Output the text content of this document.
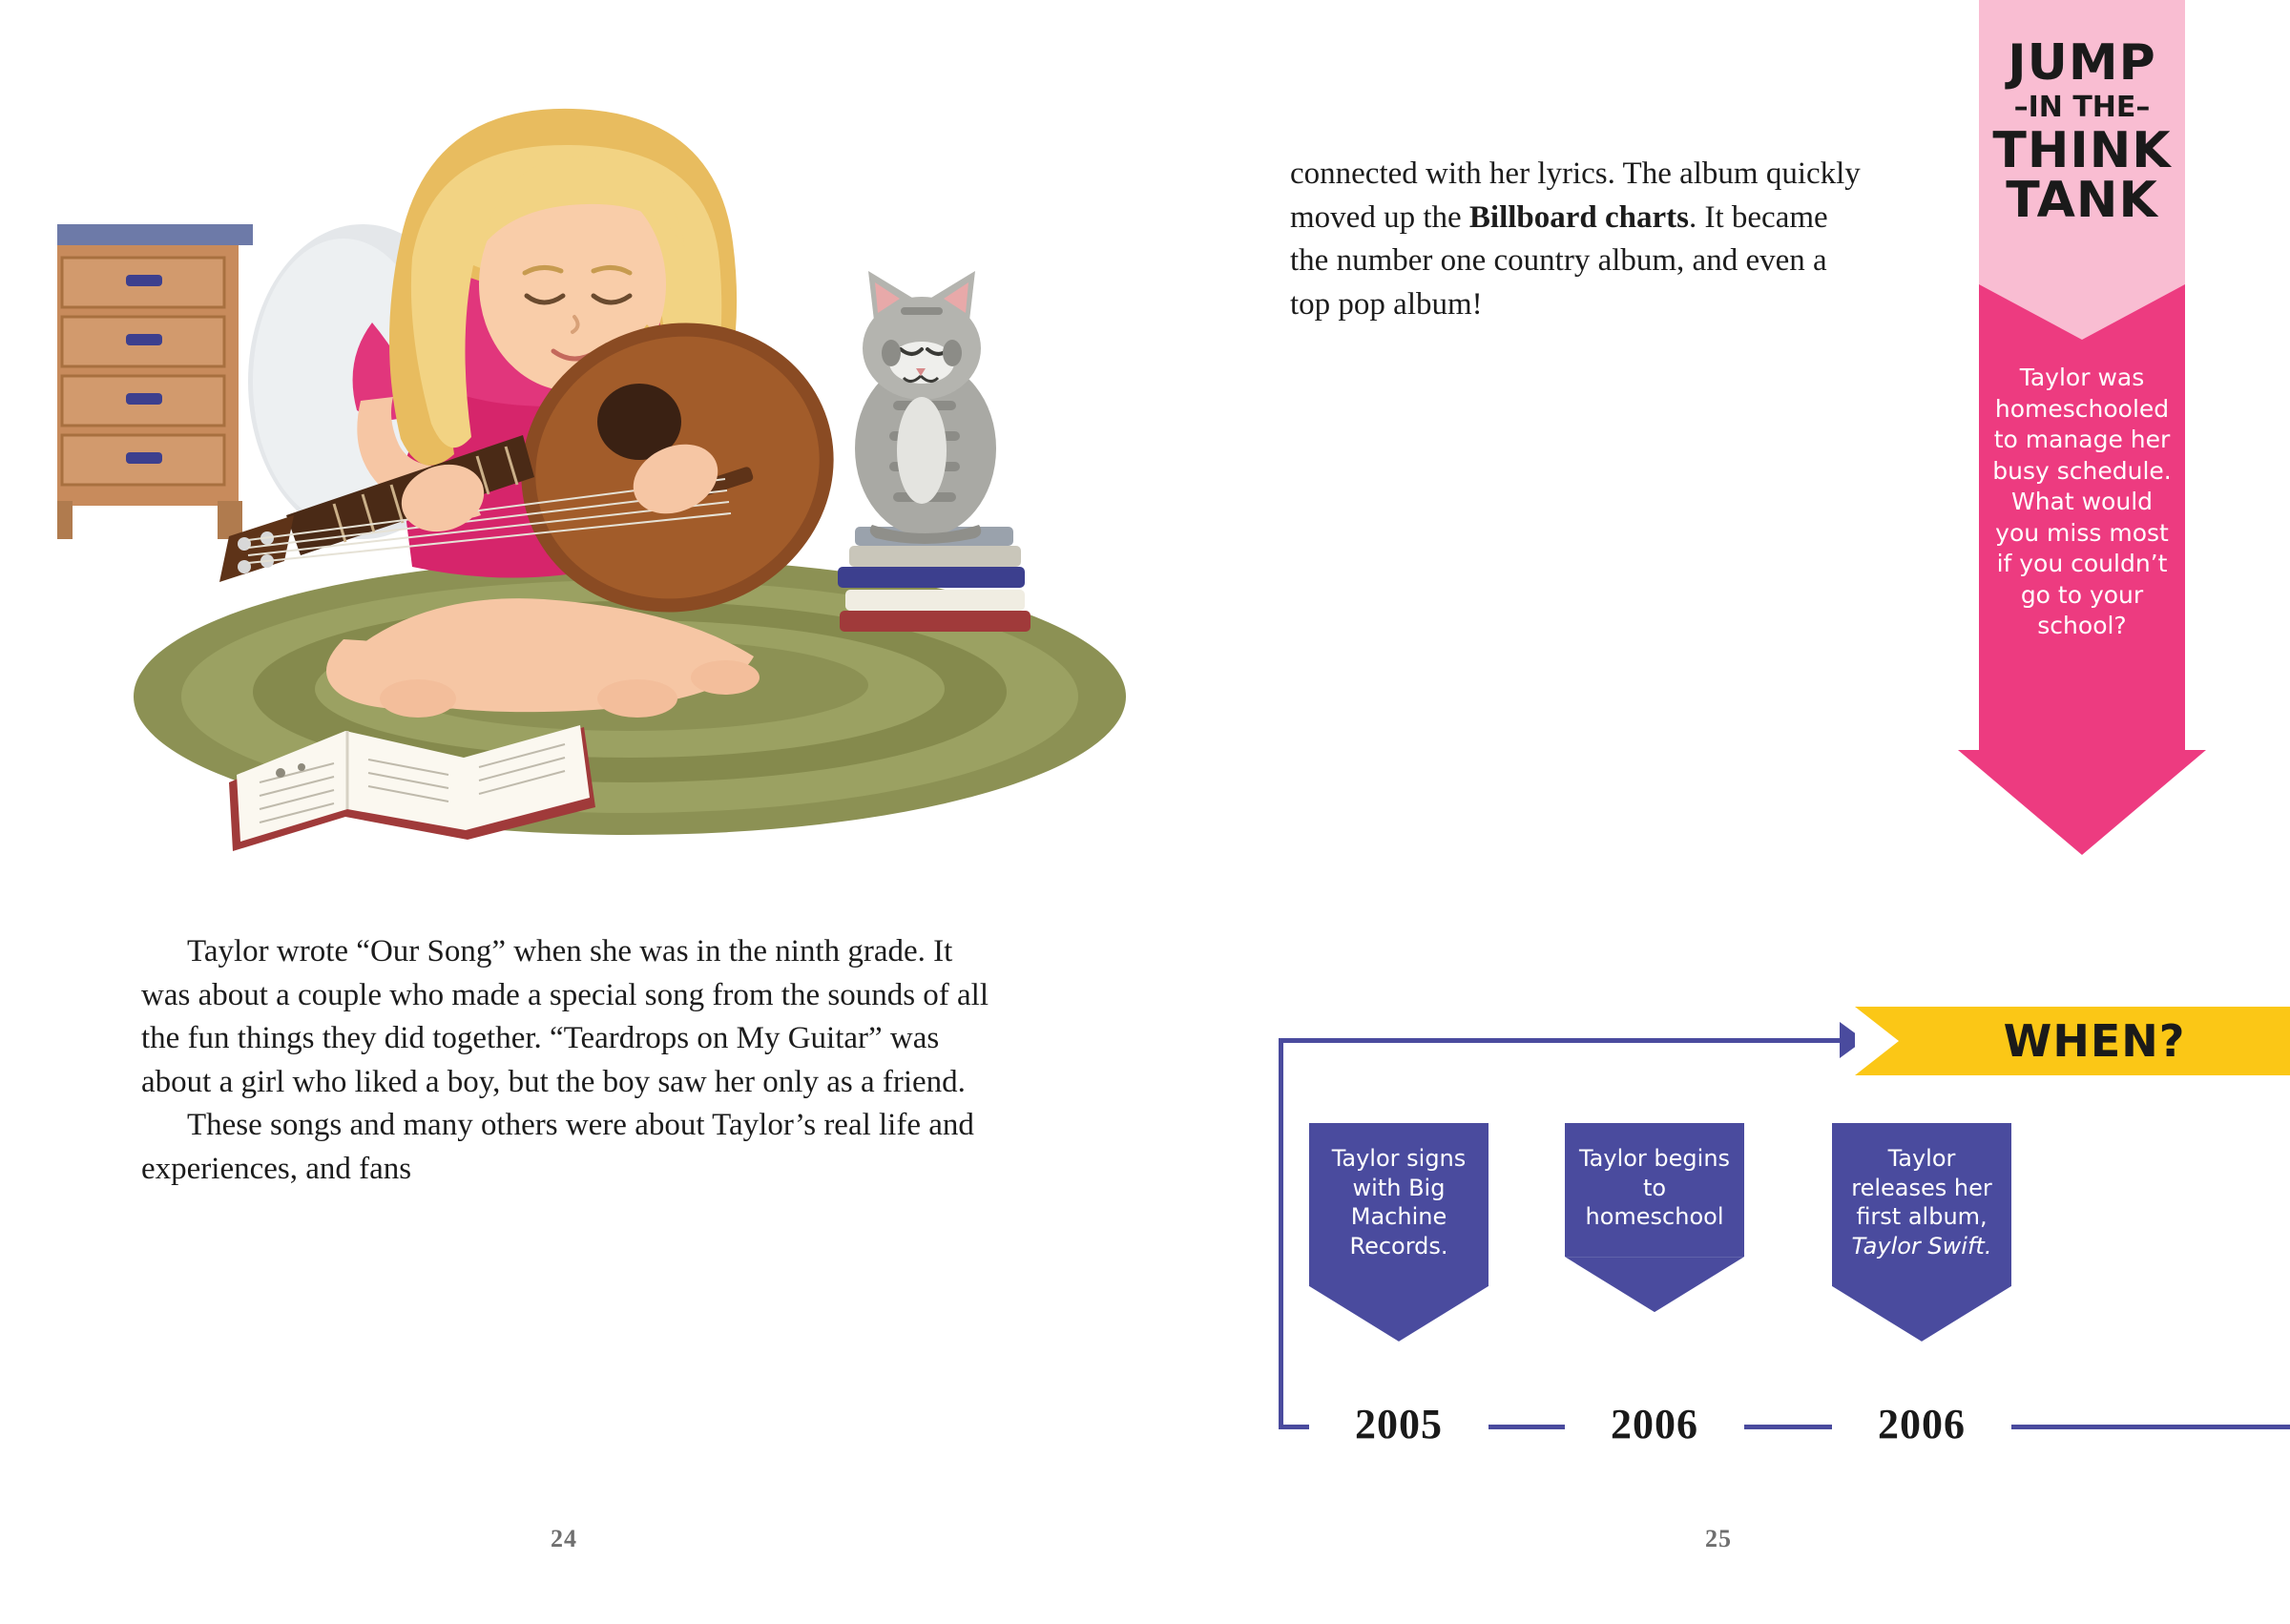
Taylor wrote “Our Song” when she was in the ninth grade. It was about a couple who made a special song from the sounds of all the fun things they did together. “Teardrops on My Guitar” was about a girl who liked a boy, but the boy saw her only as a friend.

These songs and many others were about Taylor’s real life and experiences, and fans

24

connected with her lyrics. The album quickly moved up the Billboard charts. It became the number one country album, and even a top pop album!

JUMP
–IN THE–
THINK
TANK
Taylor was homeschooled to manage her busy schedule. What would you miss most if you couldn’t go to your school?
WHEN?
Taylor signs with Big Machine Records.
2005
Taylor begins to homeschool
2006
Taylor releases her first album, Taylor Swift.
2006
25
